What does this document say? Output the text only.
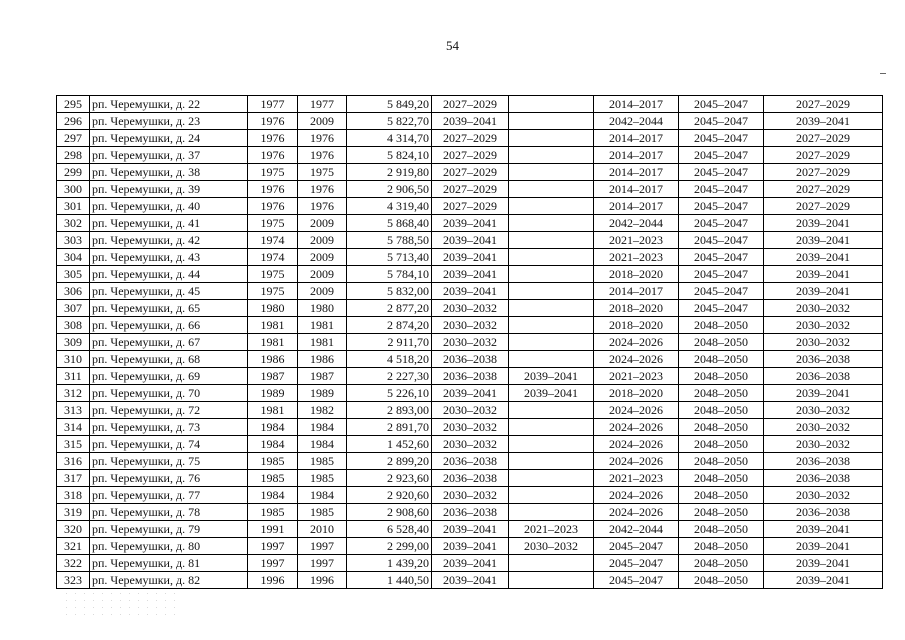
54
295	рп. Черемушки, д. 22	1977	1977	5 849,20	2027–2029		2014–2017	2045–2047	2027–2029
296	рп. Черемушки, д. 23	1976	2009	5 822,70	2039–2041		2042–2044	2045–2047	2039–2041
297	рп. Черемушки, д. 24	1976	1976	4 314,70	2027–2029		2014–2017	2045–2047	2027–2029
298	рп. Черемушки, д. 37	1976	1976	5 824,10	2027–2029		2014–2017	2045–2047	2027–2029
299	рп. Черемушки, д. 38	1975	1975	2 919,80	2027–2029		2014–2017	2045–2047	2027–2029
300	рп. Черемушки, д. 39	1976	1976	2 906,50	2027–2029		2014–2017	2045–2047	2027–2029
301	рп. Черемушки, д. 40	1976	1976	4 319,40	2027–2029		2014–2017	2045–2047	2027–2029
302	рп. Черемушки, д. 41	1975	2009	5 868,40	2039–2041		2042–2044	2045–2047	2039–2041
303	рп. Черемушки, д. 42	1974	2009	5 788,50	2039–2041		2021–2023	2045–2047	2039–2041
304	рп. Черемушки, д. 43	1974	2009	5 713,40	2039–2041		2021–2023	2045–2047	2039–2041
305	рп. Черемушки, д. 44	1975	2009	5 784,10	2039–2041		2018–2020	2045–2047	2039–2041
306	рп. Черемушки, д. 45	1975	2009	5 832,00	2039–2041		2014–2017	2045–2047	2039–2041
307	рп. Черемушки, д. 65	1980	1980	2 877,20	2030–2032		2018–2020	2045–2047	2030–2032
308	рп. Черемушки, д. 66	1981	1981	2 874,20	2030–2032		2018–2020	2048–2050	2030–2032
309	рп. Черемушки, д. 67	1981	1981	2 911,70	2030–2032		2024–2026	2048–2050	2030–2032
310	рп. Черемушки, д. 68	1986	1986	4 518,20	2036–2038		2024–2026	2048–2050	2036–2038
311	рп. Черемушки, д. 69	1987	1987	2 227,30	2036–2038	2039–2041	2021–2023	2048–2050	2036–2038
312	рп. Черемушки, д. 70	1989	1989	5 226,10	2039–2041	2039–2041	2018–2020	2048–2050	2039–2041
313	рп. Черемушки, д. 72	1981	1982	2 893,00	2030–2032		2024–2026	2048–2050	2030–2032
314	рп. Черемушки, д. 73	1984	1984	2 891,70	2030–2032		2024–2026	2048–2050	2030–2032
315	рп. Черемушки, д. 74	1984	1984	1 452,60	2030–2032		2024–2026	2048–2050	2030–2032
316	рп. Черемушки, д. 75	1985	1985	2 899,20	2036–2038		2024–2026	2048–2050	2036–2038
317	рп. Черемушки, д. 76	1985	1985	2 923,60	2036–2038		2021–2023	2048–2050	2036–2038
318	рп. Черемушки, д. 77	1984	1984	2 920,60	2030–2032		2024–2026	2048–2050	2030–2032
319	рп. Черемушки, д. 78	1985	1985	2 908,60	2036–2038		2024–2026	2048–2050	2036–2038
320	рп. Черемушки, д. 79	1991	2010	6 528,40	2039–2041	2021–2023	2042–2044	2048–2050	2039–2041
321	рп. Черемушки, д. 80	1997	1997	2 299,00	2039–2041	2030–2032	2045–2047	2048–2050	2039–2041
322	рп. Черемушки, д. 81	1997	1997	1 439,20	2039–2041		2045–2047	2048–2050	2039–2041
323	рп. Черемушки, д. 82	1996	1996	1 440,50	2039–2041		2045–2047	2048–2050	2039–2041
